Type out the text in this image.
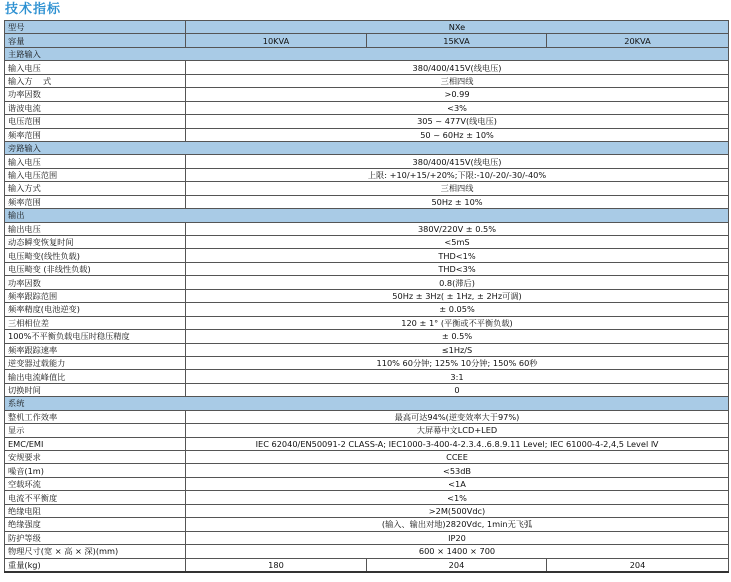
技术指标
型号	NXe		
容量	10KVA	15KVA	20KVA
主路输入			
输入电压	380/400/415V(线电压)		
输入方    式	三相四线		
功率因数	>0.99		
谐波电流	<3%		
电压范围	305 ~ 477V(线电压)		
频率范围	50 ~ 60Hz ± 10%		
旁路输入			
输入电压	380/400/415V(线电压)		
输入电压范围	上限: +10/+15/+20%;下限:-10/-20/-30/-40%		
输入方式	三相四线		
频率范围	50Hz ± 10%		
输出			
输出电压	380V/220V ± 0.5%		
动态瞬变恢复时间	<5mS		
电压畸变(线性负载)	THD<1%		
电压畸变 (非线性负载)	THD<3%		
功率因数	0.8(滞后)		
频率跟踪范围	50Hz ± 3Hz( ± 1Hz, ± 2Hz可调)		
频率精度(电池逆变)	± 0.05%		
三相相位差	120 ± 1° (平衡或不平衡负载)		
100%不平衡负载电压时稳压精度	± 0.5%		
频率跟踪速率	≤1Hz/S		
逆变器过载能力	110% 60分钟; 125% 10分钟; 150% 60秒		
输出电流峰值比	3:1		
切换时间	0		
系统			
整机工作效率	最高可达94%(逆变效率大于97%)		
显示	大屏幕中文LCD+LED		
EMC/EMI	IEC 62040/EN50091-2 CLASS-A; IEC1000-3-400-4-2.3.4..6.8.9.11 Level; IEC 61000-4-2,4,5 Level Ⅳ		
安规要求	CCEE		
噪音(1m)	<53dB		
空载环流	<1A		
电流不平衡度	<1%		
绝缘电阻	>2M(500Vdc)		
绝缘强度	(输入、输出对地)2820Vdc, 1min无飞弧		
防护等级	IP20		
物理尺寸(宽 × 高 × 深)(mm)	600 × 1400 × 700		
重量(kg)	180	204	204
